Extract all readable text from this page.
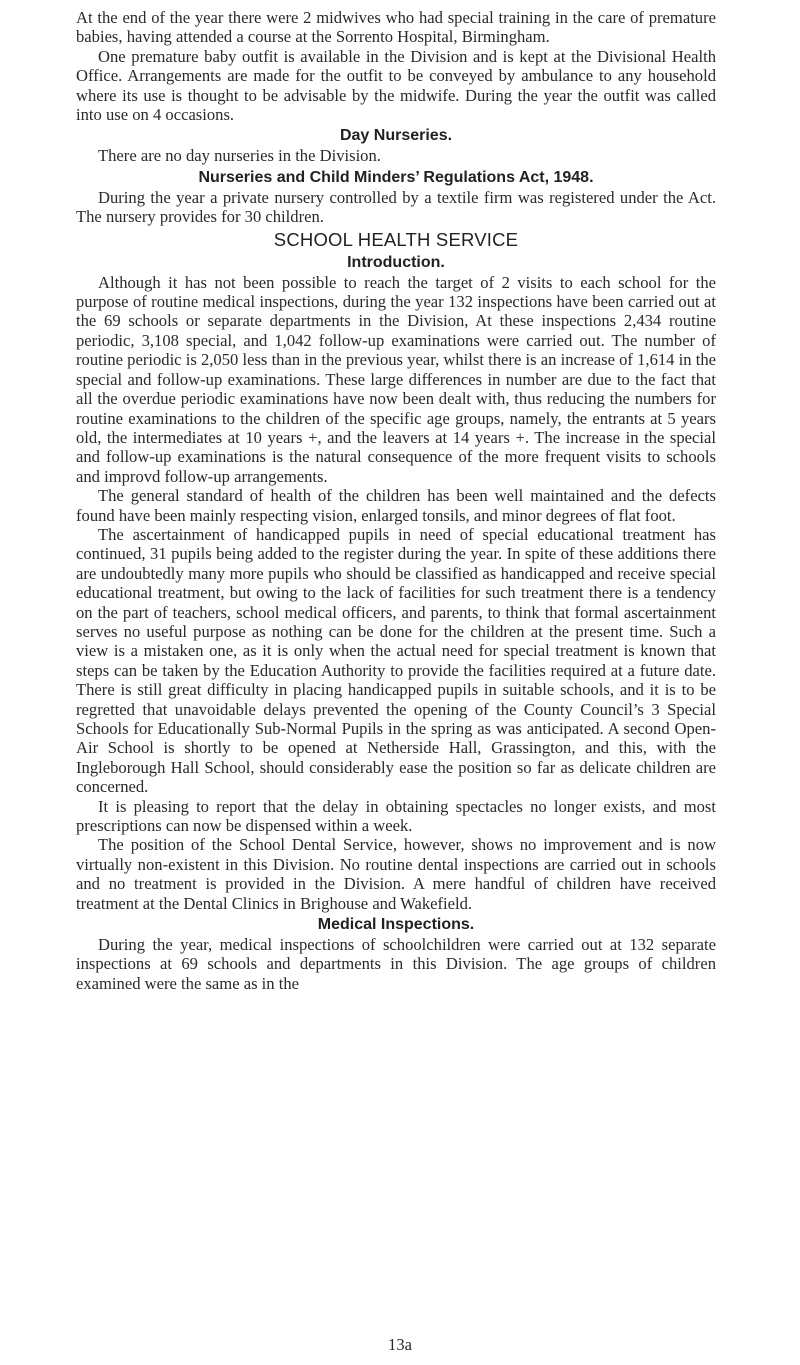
At the end of the year there were 2 midwives who had special training in the care of premature babies, having attended a course at the Sorrento Hospital, Birmingham.

One premature baby outfit is available in the Division and is kept at the Divisional Health Office. Arrangements are made for the outfit to be conveyed by ambulance to any household where its use is thought to be advisable by the midwife. During the year the outfit was called into use on 4 occasions.

Day Nurseries.

There are no day nurseries in the Division.

Nurseries and Child Minders’ Regulations Act, 1948.

During the year a private nursery controlled by a textile firm was registered under the Act. The nursery provides for 30 children.

SCHOOL HEALTH SERVICE
Introduction.

Although it has not been possible to reach the target of 2 visits to each school for the purpose of routine medical inspections, during the year 132 inspections have been carried out at the 69 schools or separate departments in the Division, At these inspections 2,434 routine periodic, 3,108 special, and 1,042 follow-up examinations were carried out. The number of routine periodic is 2,050 less than in the previous year, whilst there is an increase of 1,614 in the special and follow-up examinations. These large differences in number are due to the fact that all the overdue periodic examinations have now been dealt with, thus reducing the numbers for routine examinations to the children of the specific age groups, namely, the entrants at 5 years old, the intermediates at 10 years +, and the leavers at 14 years +. The increase in the special and follow-up examinations is the natural consequence of the more frequent visits to schools and improvd follow-up arrangements.

The general standard of health of the children has been well maintained and the defects found have been mainly respecting vision, enlarged tonsils, and minor degrees of flat foot.

The ascertainment of handicapped pupils in need of special educational treatment has continued, 31 pupils being added to the register during the year. In spite of these additions there are undoubtedly many more pupils who should be classified as handicapped and receive special educational treatment, but owing to the lack of facilities for such treatment there is a tendency on the part of teachers, school medical officers, and parents, to think that formal ascertainment serves no useful purpose as nothing can be done for the children at the present time. Such a view is a mistaken one, as it is only when the actual need for special treatment is known that steps can be taken by the Education Authority to provide the facilities required at a future date. There is still great difficulty in placing handicapped pupils in suitable schools, and it is to be regretted that unavoidable delays prevented the opening of the County Council’s 3 Special Schools for Educationally Sub-Normal Pupils in the spring as was anticipated. A second Open-Air School is shortly to be opened at Netherside Hall, Grassington, and this, with the Ingleborough Hall School, should considerably ease the position so far as delicate children are concerned.

It is pleasing to report that the delay in obtaining spectacles no longer exists, and most prescriptions can now be dispensed within a week.

The position of the School Dental Service, however, shows no improvement and is now virtually non-existent in this Division. No routine dental inspections are carried out in schools and no treatment is provided in the Division. A mere handful of children have received treatment at the Dental Clinics in Brighouse and Wakefield.

Medical Inspections.

During the year, medical inspections of schoolchildren were carried out at 132 separate inspections at 69 schools and departments in this Division. The age groups of children examined were the same as in the

13a
